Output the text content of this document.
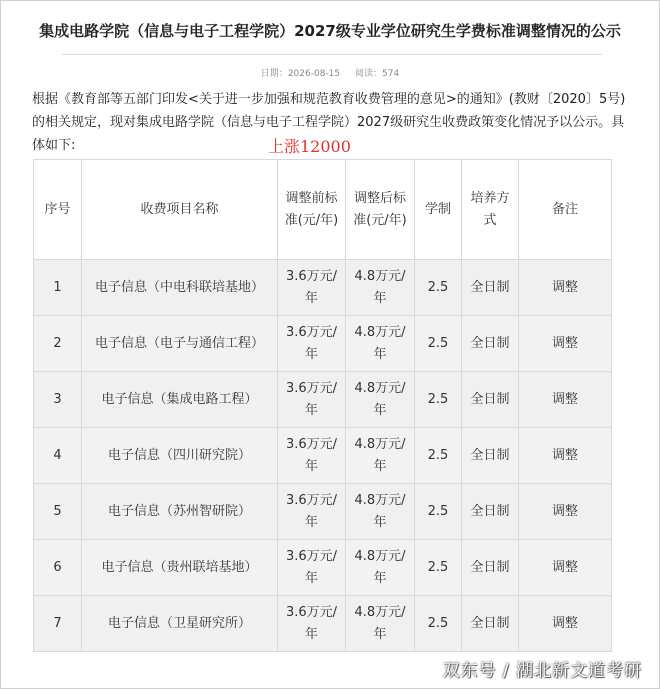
集成电路学院（信息与电子工程学院）2027级专业学位研究生学费标准调整情况的公示
日期：2026-08-15 阅读：574
根据《教育部等五部门印发<关于进一步加强和规范教育收费管理的意见>的通知》(教财〔2020〕5号)的相关规定，现对集成电路学院（信息与电子工程学院）2027级研究生收费政策变化情况予以公示。具体如下:	上涨12000
序号	收费项目名称	调整前标准(元/年)	调整后标准(元/年)	学制	培养方式	备注
1	电子信息（中电科联培基地）	3.6万元/年	4.8万元/年	2.5	全日制	调整
2	电子信息（电子与通信工程）	3.6万元/年	4.8万元/年	2.5	全日制	调整
3	电子信息（集成电路工程）	3.6万元/年	4.8万元/年	2.5	全日制	调整
4	电子信息（四川研究院）	3.6万元/年	4.8万元/年	2.5	全日制	调整
5	电子信息（苏州智研院）	3.6万元/年	4.8万元/年	2.5	全日制	调整
6	电子信息（贵州联培基地）	3.6万元/年	4.8万元/年	2.5	全日制	调整
7	电子信息（卫星研究所）	3.6万元/年	4.8万元/年	2.5	全日制	调整
双东号 / 湖北新文道考研
